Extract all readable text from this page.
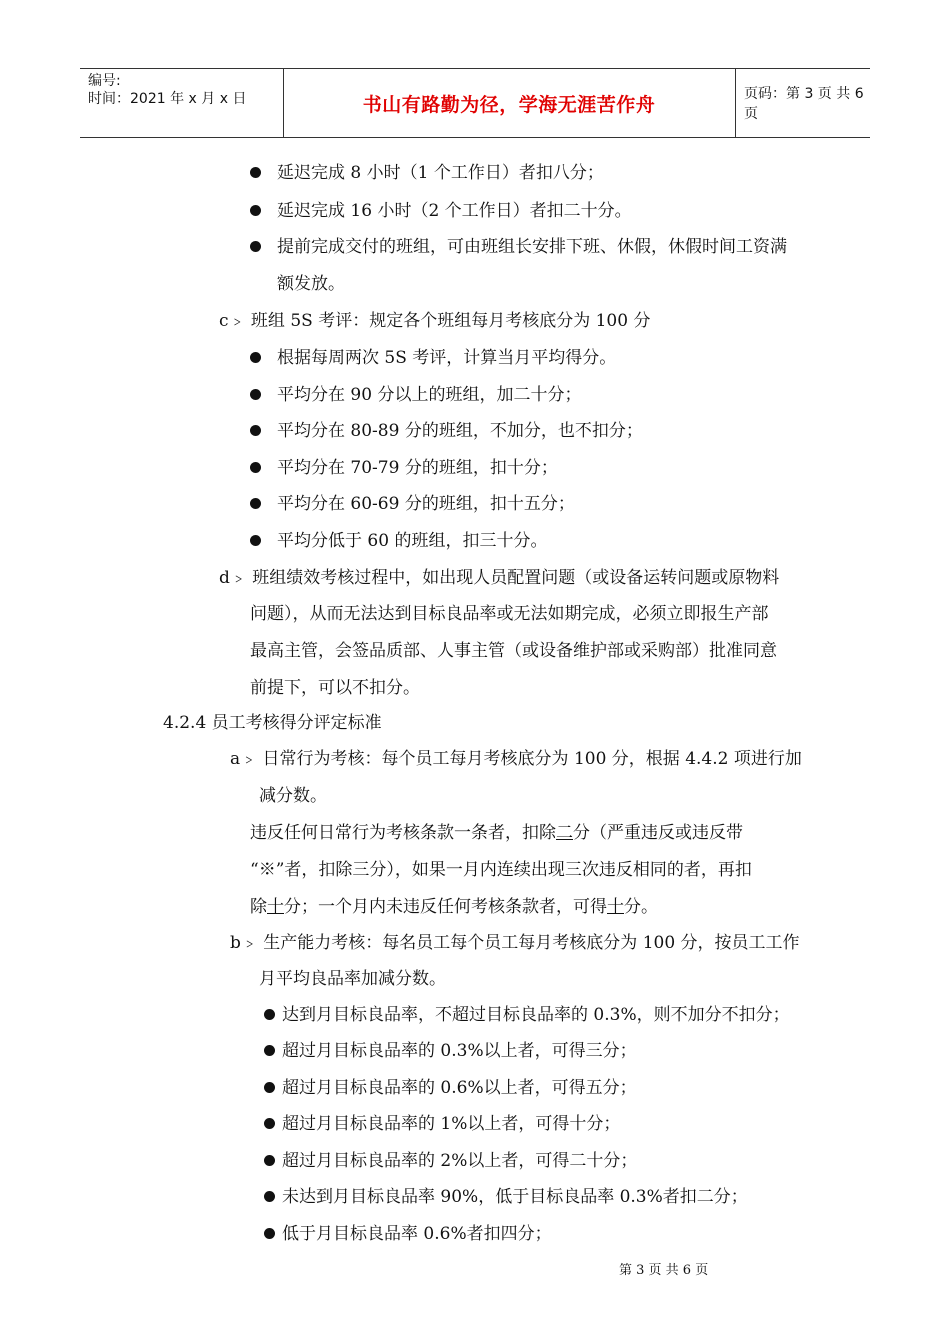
编号:
时间：2021 年 x 月 x 日	书山有路勤为径，学海无涯苦作舟	页码：第 3 页 共 6 页
延迟完成 8 小时（1 个工作日）者扣八分；
延迟完成 16 小时（2 个工作日）者扣二十分。
提前完成交付的班组，可由班组长安排下班、休假，休假时间工资满
额发放。
c﹥ 班组 5S 考评：规定各个班组每月考核底分为 100 分
根据每周两次 5S 考评，计算当月平均得分。
平均分在 90 分以上的班组，加二十分；
平均分在 80-89 分的班组，不加分，也不扣分；
平均分在 70-79 分的班组，扣十分；
平均分在 60-69 分的班组，扣十五分；
平均分低于 60 的班组，扣三十分。
d﹥ 班组绩效考核过程中，如出现人员配置问题（或设备运转问题或原物料
问题），从而无法达到目标良品率或无法如期完成，必须立即报生产部
最高主管，会签品质部、人事主管（或设备维护部或采购部）批准同意
前提下，可以不扣分。
4.2.4 员工考核得分评定标准
a﹥ 日常行为考核：每个员工每月考核底分为 100 分，根据 4.4.2 项进行加
减分数。
违反任何日常行为考核条款一条者，扣除二分（严重违反或违反带
“※”者，扣除三分），如果一月内连续出现三次违反相同的者，再扣
除十分；一个月内未违反任何考核条款者，可得十分。
b﹥ 生产能力考核：每名员工每个员工每月考核底分为 100 分，按员工工作
月平均良品率加减分数。
达到月目标良品率，不超过目标良品率的 0.3%，则不加分不扣分；
超过月目标良品率的 0.3%以上者，可得三分；
超过月目标良品率的 0.6%以上者，可得五分；
超过月目标良品率的 1%以上者，可得十分；
超过月目标良品率的 2%以上者，可得二十分；
未达到月目标良品率 90%，低于目标良品率 0.3%者扣二分；
低于月目标良品率 0.6%者扣四分；
第 3 页 共 6 页
